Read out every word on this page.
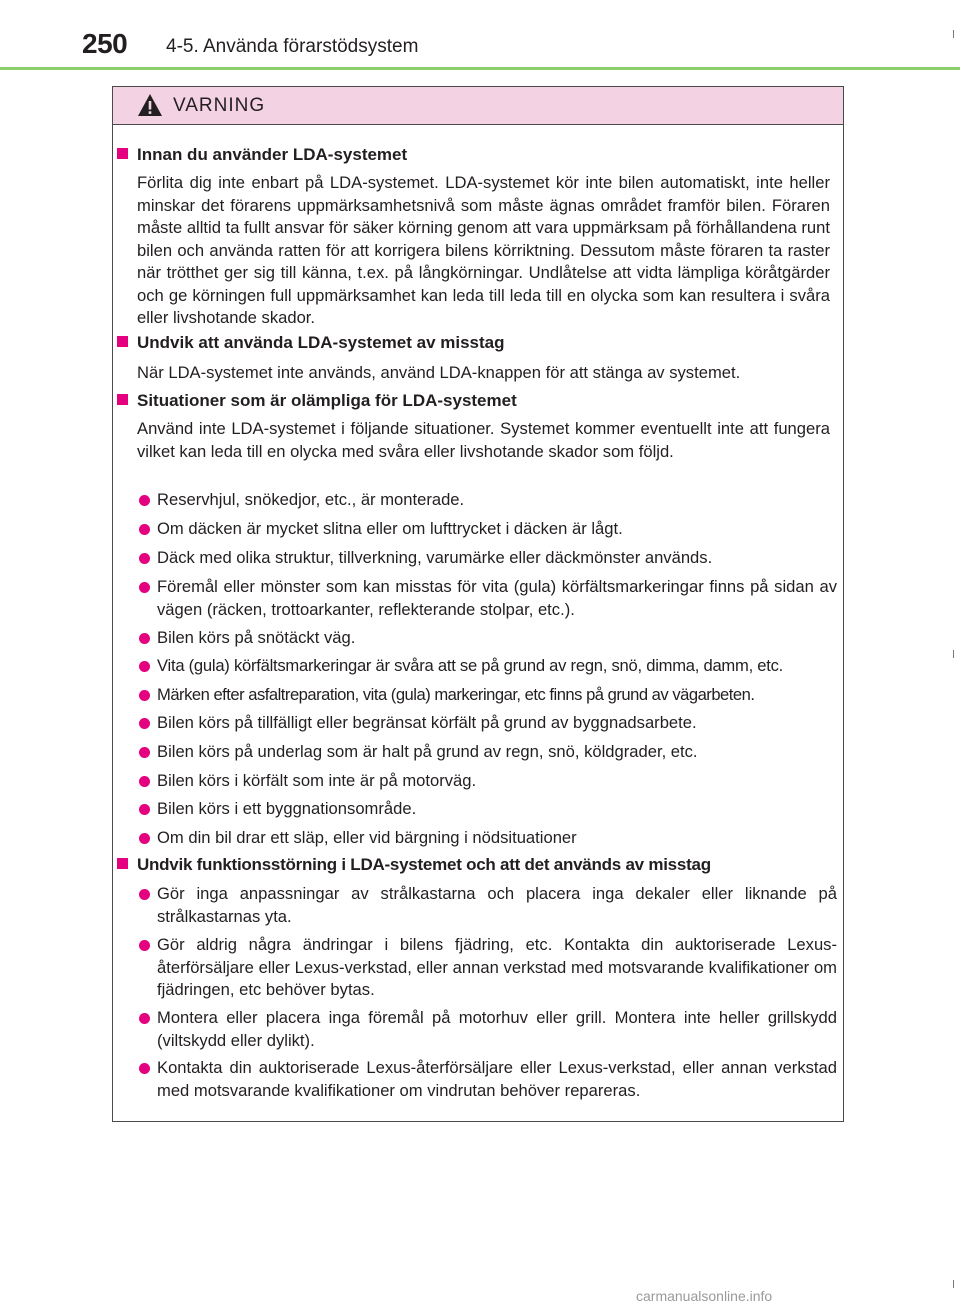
250 4-5. Använda förarstödsystem
VARNING
Innan du använder LDA-systemet
Förlita dig inte enbart på LDA-systemet. LDA-systemet kör inte bilen automatiskt, inte heller minskar det förarens uppmärksamhetsnivå som måste ägnas området framför bilen. Föraren måste alltid ta fullt ansvar för säker körning genom att vara uppmärksam på förhållandena runt bilen och använda ratten för att korrigera bilens körriktning. Dessutom måste föraren ta raster när trötthet ger sig till känna, t.ex. på långkörningar. Undlåtelse att vidta lämpliga köråtgärder och ge körningen full uppmärksamhet kan leda till leda till en olycka som kan resultera i svåra eller livshotande skador.
Undvik att använda LDA-systemet av misstag
När LDA-systemet inte används, använd LDA-knappen för att stänga av systemet.
Situationer som är olämpliga för LDA-systemet
Använd inte LDA-systemet i följande situationer. Systemet kommer eventuellt inte att fungera vilket kan leda till en olycka med svåra eller livshotande skador som följd.
Reservhjul, snökedjor, etc., är monterade.
Om däcken är mycket slitna eller om lufttrycket i däcken är lågt.
Däck med olika struktur, tillverkning, varumärke eller däckmönster används.
Föremål eller mönster som kan misstas för vita (gula) körfältsmarkeringar finns på sidan av vägen (räcken, trottoarkanter, reflekterande stolpar, etc.).
Bilen körs på snötäckt väg.
Vita (gula) körfältsmarkeringar är svåra att se på grund av regn, snö, dimma, damm, etc.
Märken efter asfaltreparation, vita (gula) markeringar, etc finns på grund av vägarbeten.
Bilen körs på tillfälligt eller begränsat körfält på grund av byggnadsarbete.
Bilen körs på underlag som är halt på grund av regn, snö, köldgrader, etc.
Bilen körs i körfält som inte är på motorväg.
Bilen körs i ett byggnationsområde.
Om din bil drar ett släp, eller vid bärgning i nödsituationer
Undvik funktionsstörning i LDA-systemet och att det används av misstag
Gör inga anpassningar av strålkastarna och placera inga dekaler eller liknande på strålkastarnas yta.
Gör aldrig några ändringar i bilens fjädring, etc. Kontakta din auktoriserade Lexus-återförsäljare eller Lexus-verkstad, eller annan verkstad med motsvarande kvalifikationer om fjädringen, etc behöver bytas.
Montera eller placera inga föremål på motorhuv eller grill. Montera inte heller grillskydd (viltskydd eller dylikt).
Kontakta din auktoriserade Lexus-återförsäljare eller Lexus-verkstad, eller annan verkstad med motsvarande kvalifikationer om vindrutan behöver repareras.
carmanualsonline.info
